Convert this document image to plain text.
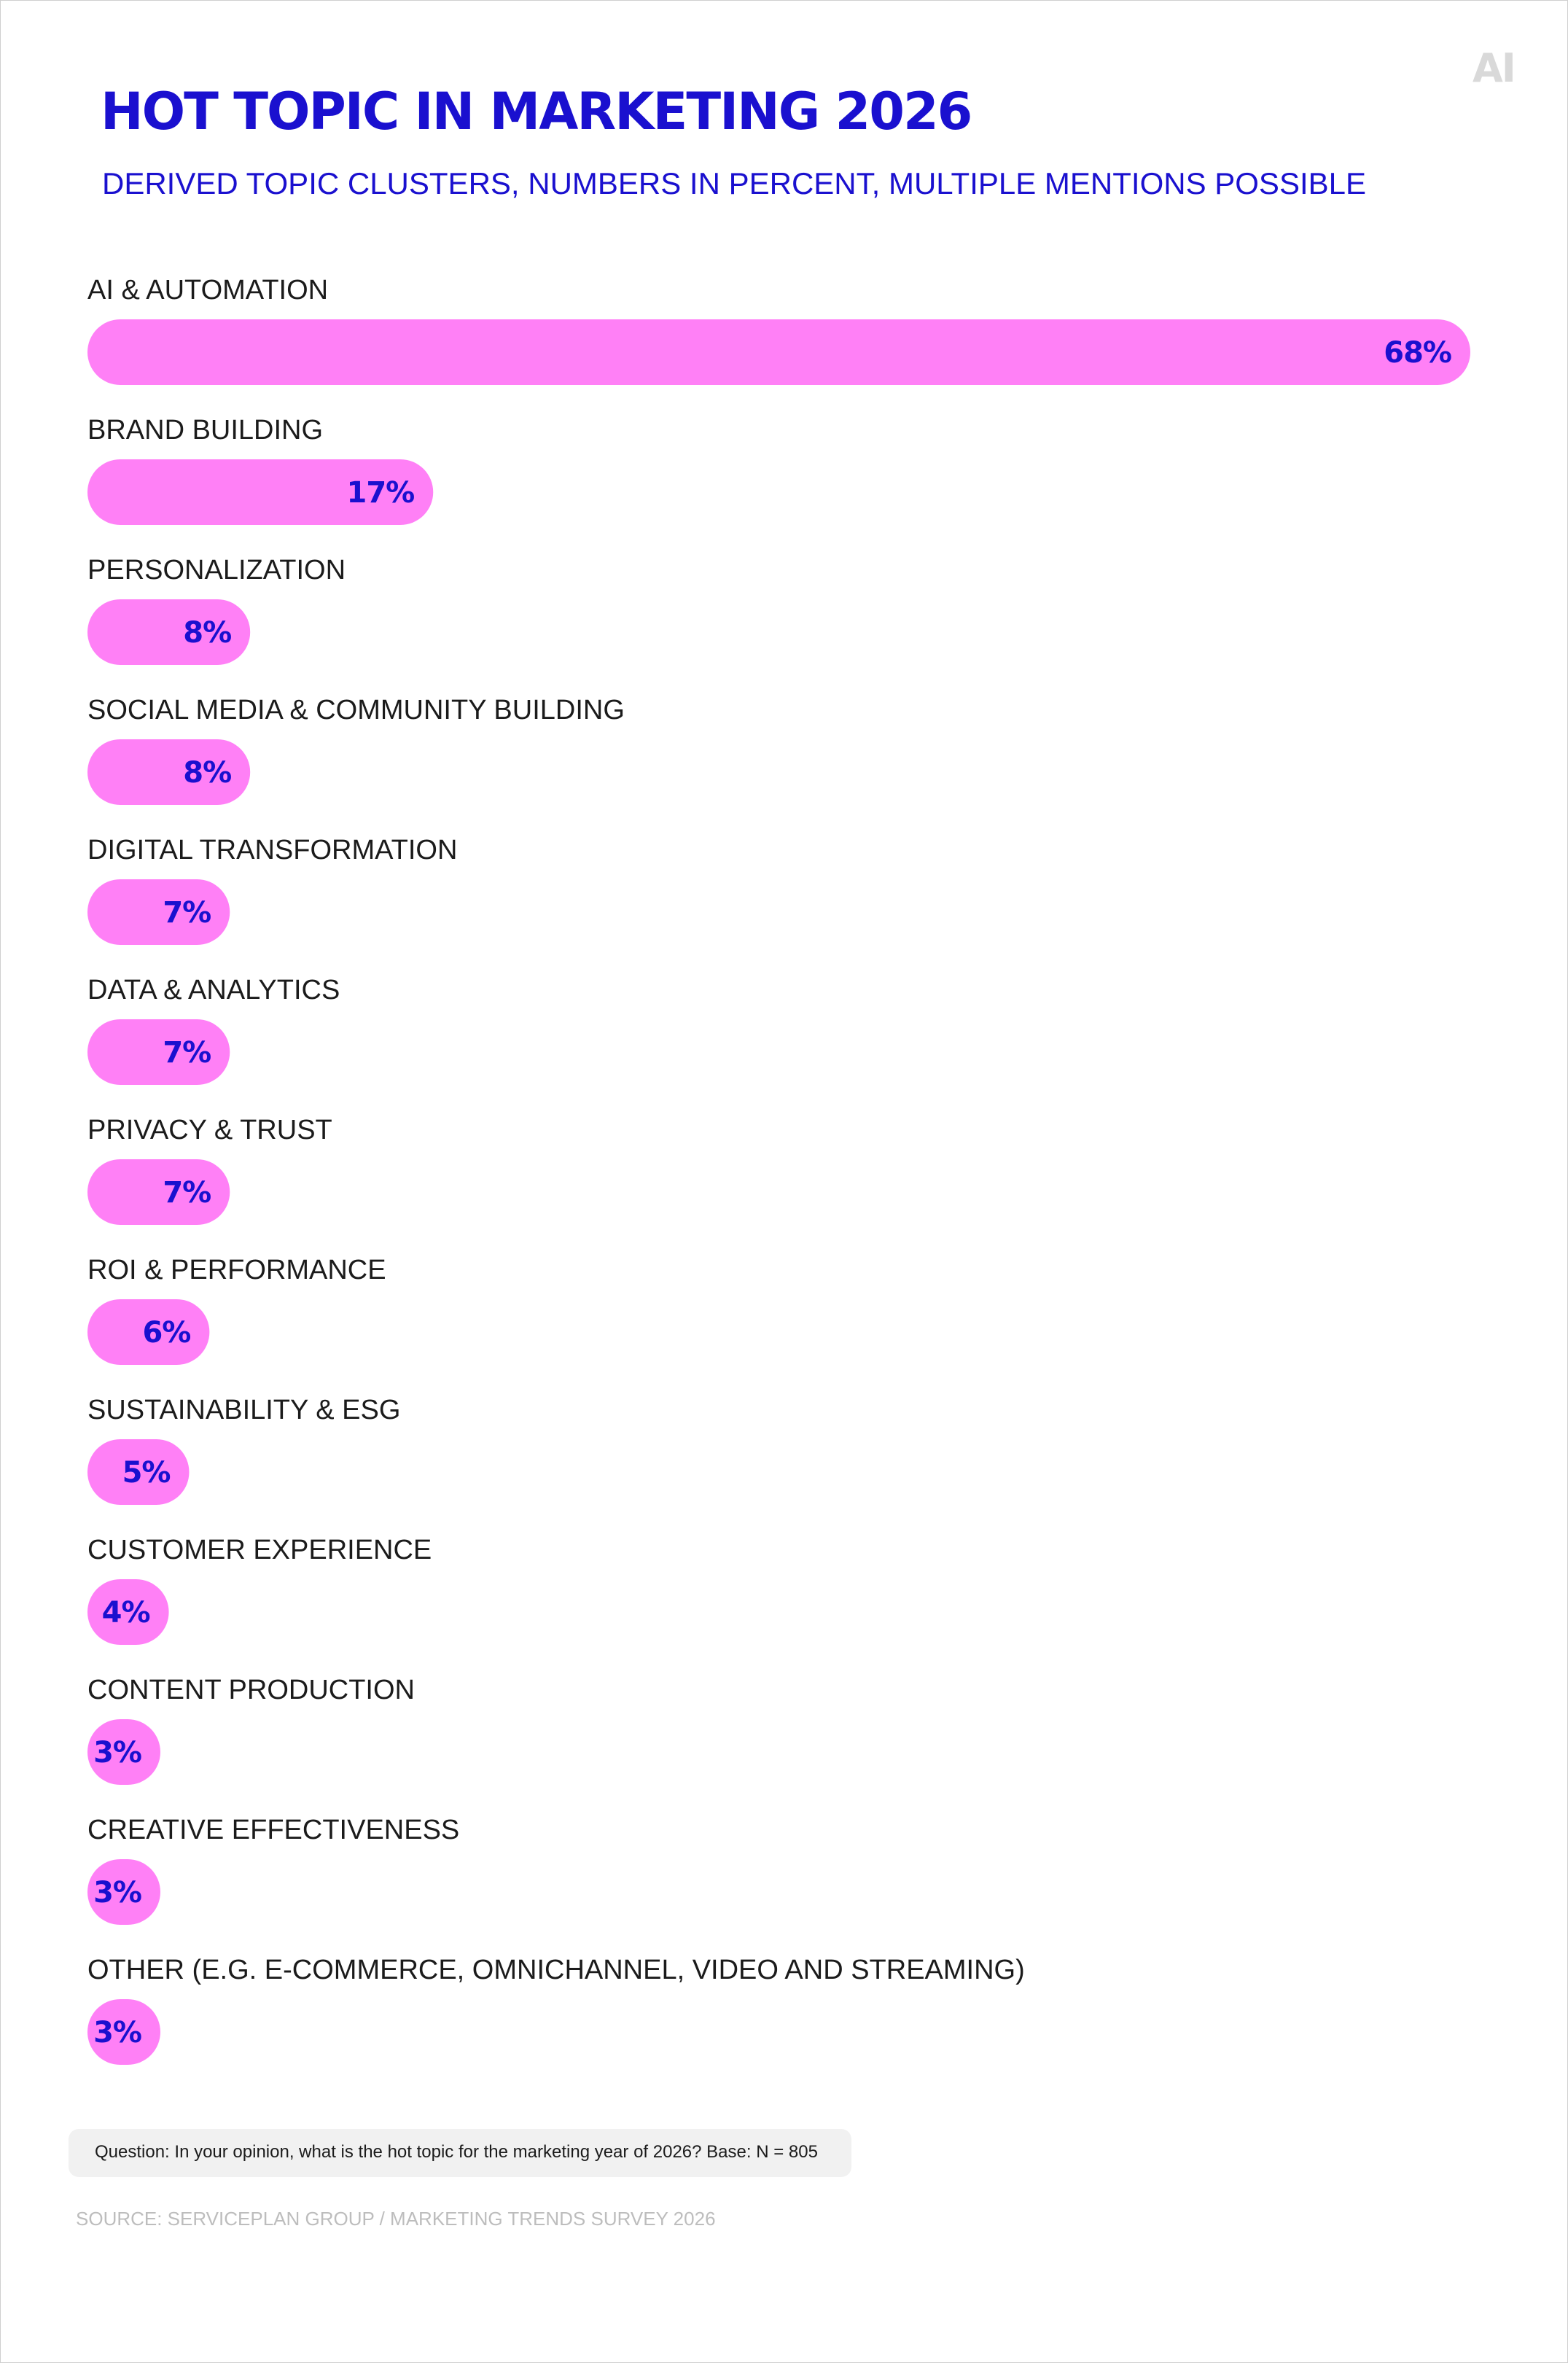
AI
HOT TOPIC IN MARKETING 2026
DERIVED TOPIC CLUSTERS, NUMBERS IN PERCENT, MULTIPLE MENTIONS POSSIBLE
AI & AUTOMATION
68%
BRAND BUILDING
17%
PERSONALIZATION
8%
SOCIAL MEDIA & COMMUNITY BUILDING
8%
DIGITAL TRANSFORMATION
7%
DATA & ANALYTICS
7%
PRIVACY & TRUST
7%
ROI & PERFORMANCE
6%
SUSTAINABILITY & ESG
5%
CUSTOMER EXPERIENCE
4%
CONTENT PRODUCTION
3%
CREATIVE EFFECTIVENESS
3%
OTHER (E.G. E-COMMERCE, OMNICHANNEL, VIDEO AND STREAMING)
3%
Question: In your opinion, what is the hot topic for the marketing year of 2026? Base: N = 805
SOURCE: SERVICEPLAN GROUP / MARKETING TRENDS SURVEY 2026
